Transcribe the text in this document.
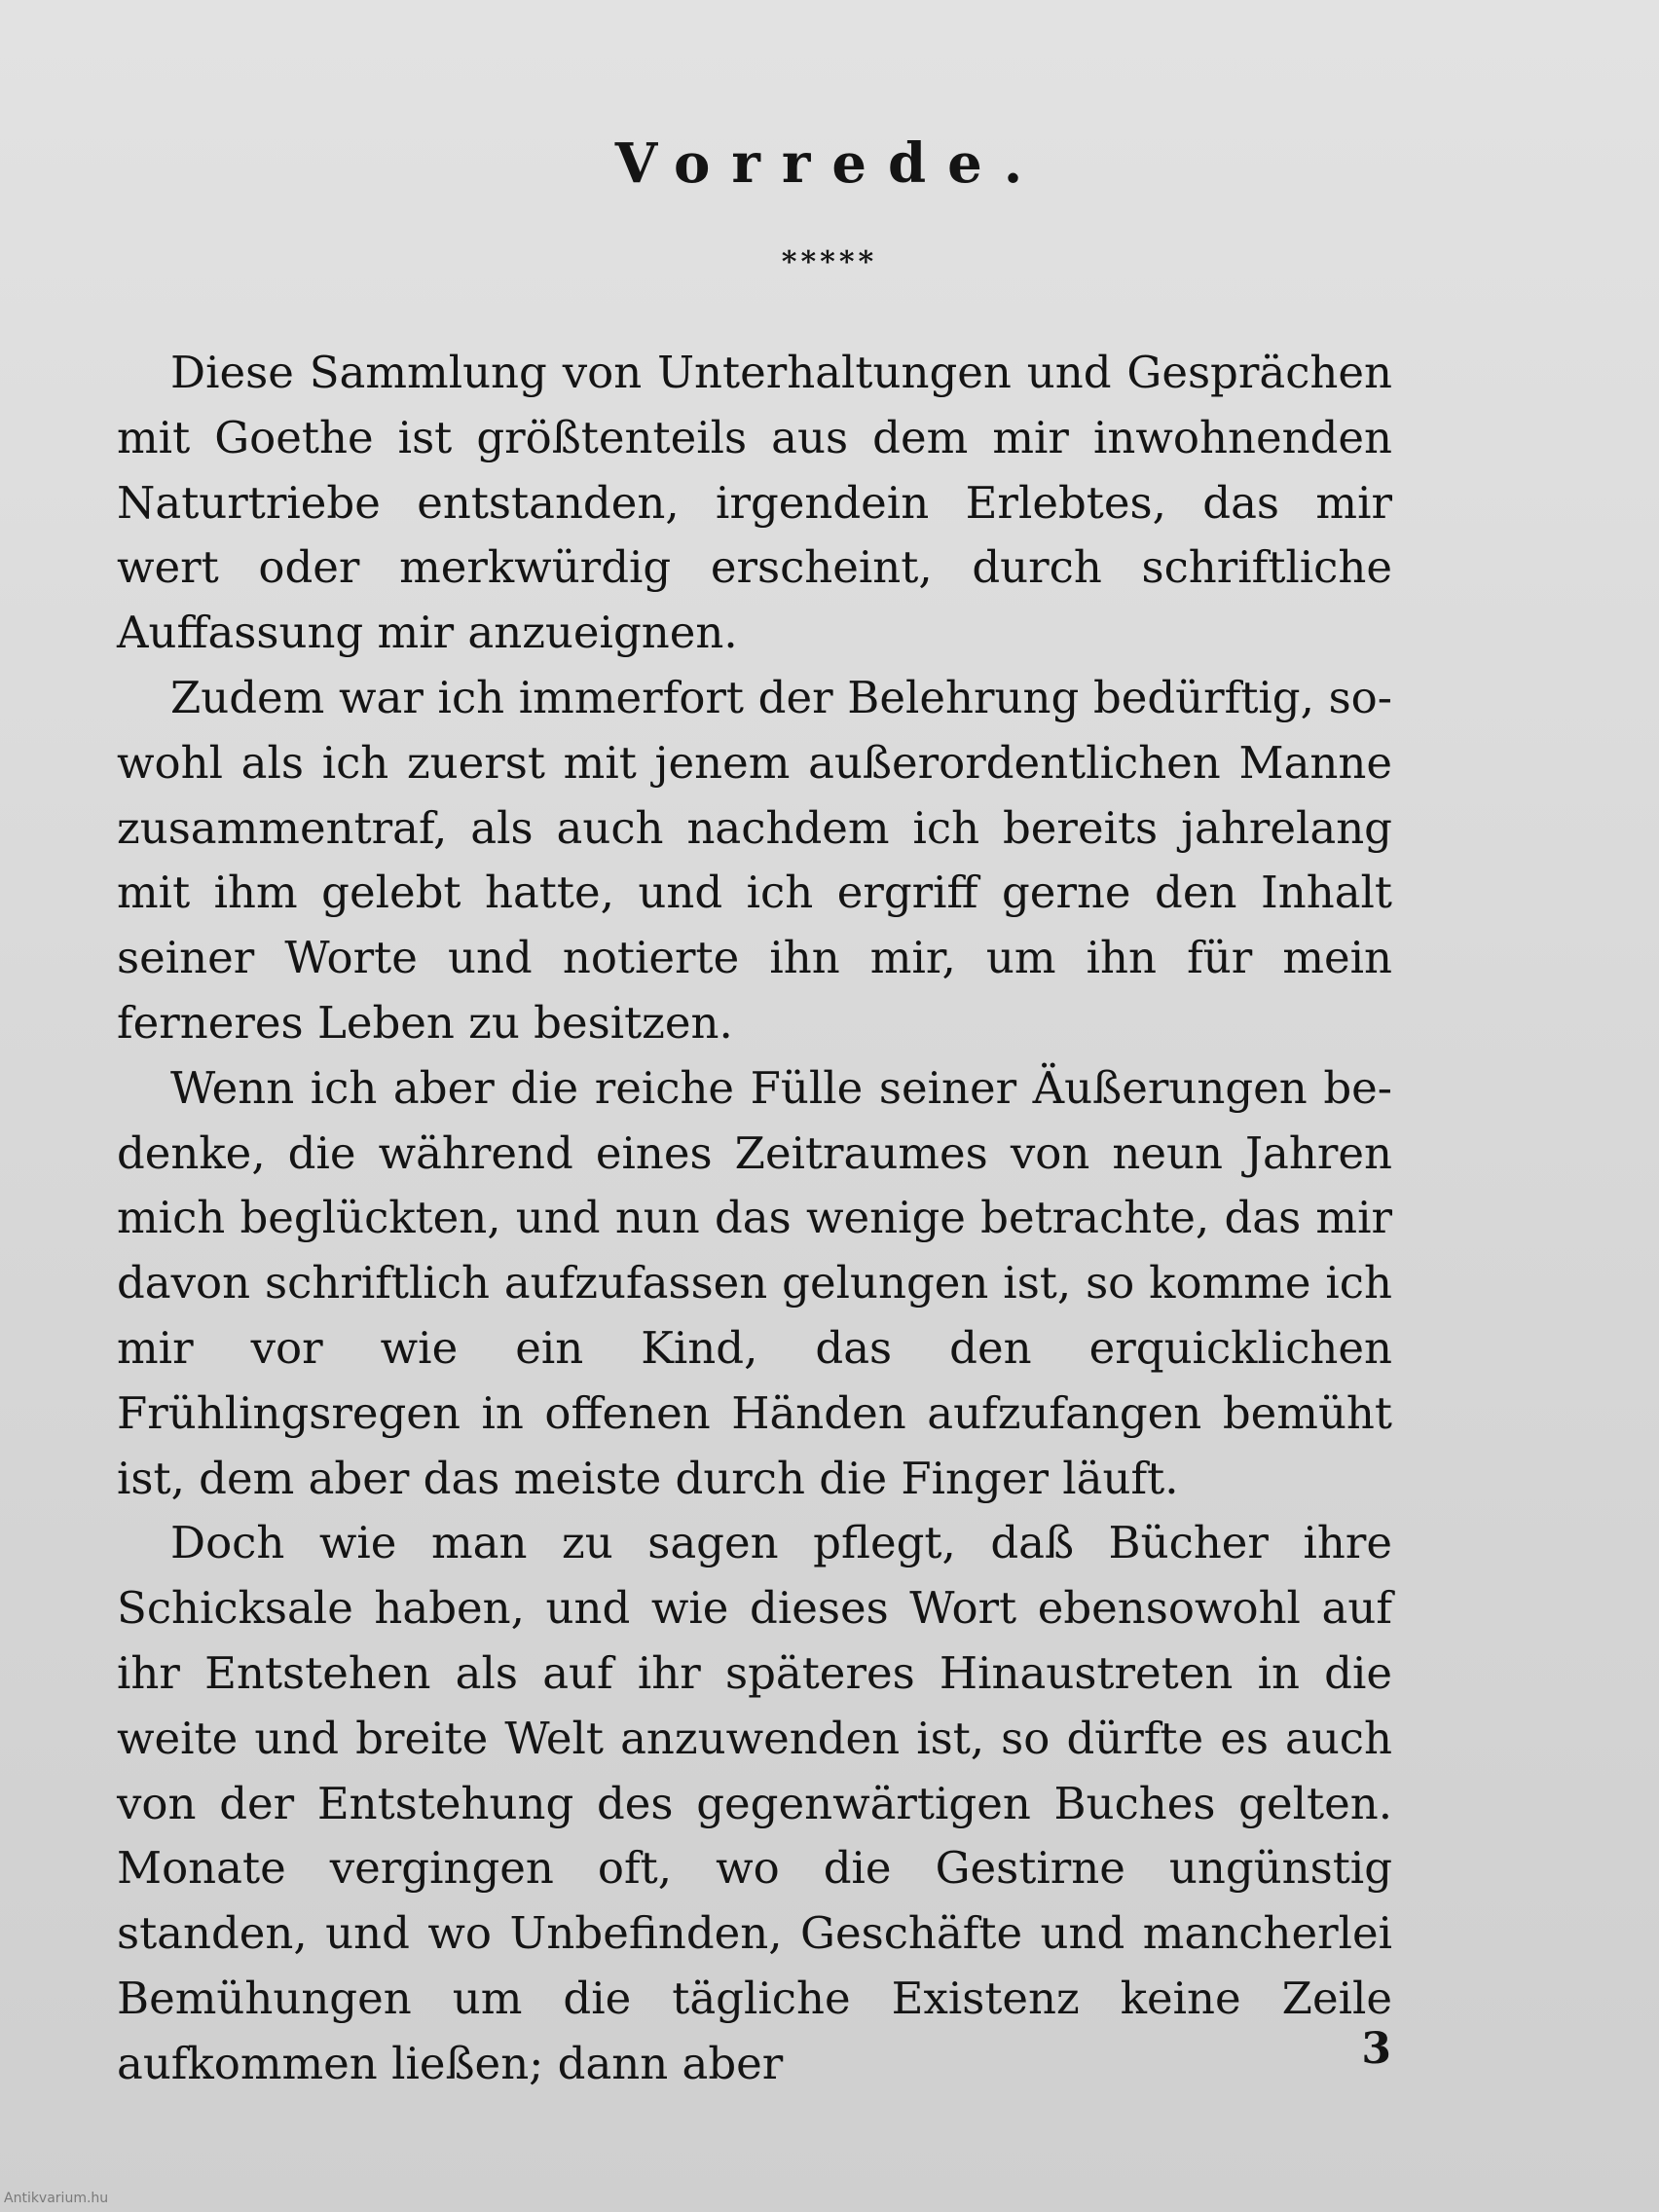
Vorrede.
*****

Diese Sammlung von Unterhaltungen und Gesprächen mit Goethe ist größtenteils aus dem mir inwohnenden Naturtriebe entstanden, irgendein Erlebtes, das mir wert oder merkwürdig erscheint, durch schriftliche Auffassung mir anzueignen.

Zudem war ich immerfort der Belehrung bedürftig, sowohl als ich zuerst mit jenem außerordentlichen Manne zusammentraf, als auch nachdem ich bereits jahrelang mit ihm gelebt hatte, und ich ergriff gerne den Inhalt seiner Worte und notierte ihn mir, um ihn für mein ferneres Leben zu besitzen.

Wenn ich aber die reiche Fülle seiner Äußerungen bedenke, die während eines Zeitraumes von neun Jahren mich beglückten, und nun das wenige betrachte, das mir davon schriftlich aufzufassen gelungen ist, so komme ich mir vor wie ein Kind, das den erquicklichen Frühlingsregen in offenen Händen aufzufangen bemüht ist, dem aber das meiste durch die Finger läuft.

Doch wie man zu sagen pflegt, daß Bücher ihre Schicksale haben, und wie dieses Wort ebensowohl auf ihr Entstehen als auf ihr späteres Hinaustreten in die weite und breite Welt anzuwenden ist, so dürfte es auch von der Entstehung des gegenwärtigen Buches gelten. Monate vergingen oft, wo die Gestirne ungünstig standen, und wo Unbefinden, Geschäfte und mancherlei Bemühungen um die tägliche Existenz keine Zeile aufkommen ließen; dann aber	3
Antikvarium.hu
